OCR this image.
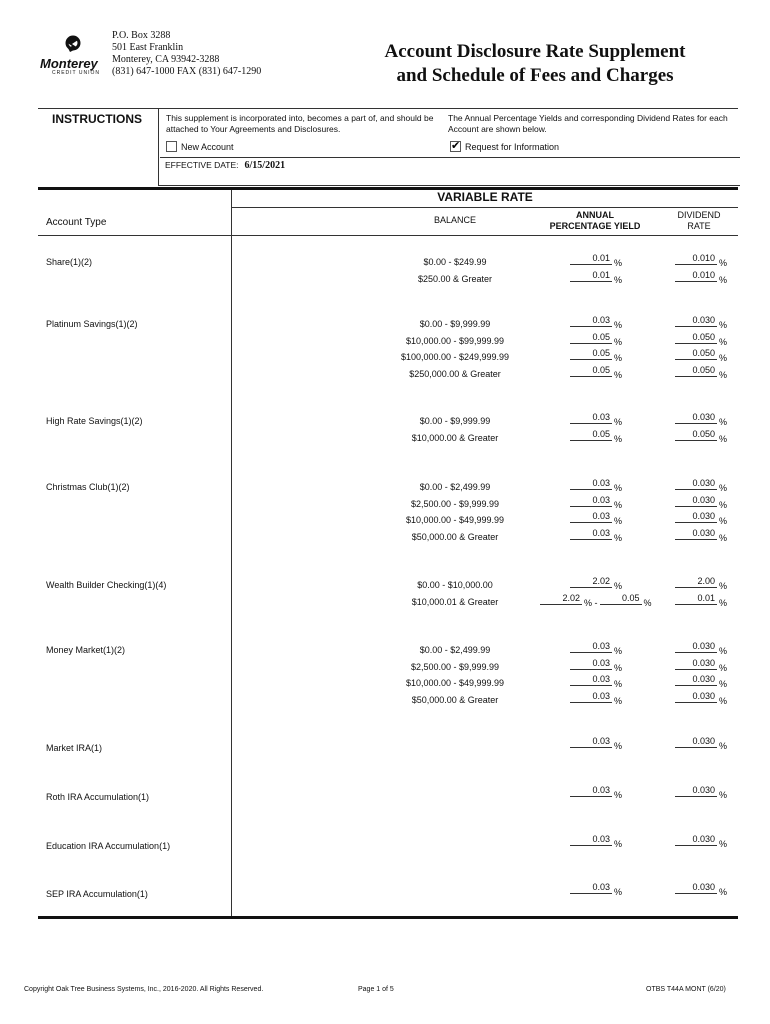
Monterey
CREDIT UNION
P.O. Box 3288
501 East Franklin
Monterey, CA 93942-3288
(831) 647-1000 FAX (831) 647-1290
Account Disclosure Rate Supplement
and Schedule of Fees and Charges
INSTRUCTIONS	This supplement is incorporated into, becomes a part of, and should be attached to Your Agreements and Disclosures.
The Annual Percentage Yields and corresponding Dividend Rates for each Account are shown below.
New Account
✔	Request for Information
EFFECTIVE DATE: 6/15/2021
VARIABLE RATE
Account Type	BALANCE	ANNUAL
PERCENTAGE YIELD
DIVIDEND
RATE
Share(1)(2)	$0.00 - $249.99	0.01 %	0.010 %
$250.00 & Greater	0.01 %	0.010 %
Platinum Savings(1)(2)	$0.00 - $9,999.99	0.03 %	0.030 %
$10,000.00 - $99,999.99	0.05 %	0.050 %
$100,000.00 - $249,999.99	0.05 %	0.050 %
$250,000.00 & Greater	0.05 %	0.050 %
High Rate Savings(1)(2)	$0.00 - $9,999.99	0.03 %	0.030 %
$10,000.00 & Greater	0.05 %	0.050 %
Christmas Club(1)(2)	$0.00 - $2,499.99	0.03 %	0.030 %
$2,500.00 - $9,999.99	0.03 %	0.030 %
$10,000.00 - $49,999.99	0.03 %	0.030 %
$50,000.00 & Greater	0.03 %	0.030 %
Wealth Builder Checking(1)(4)	$0.00 - $10,000.00	2.02 %	2.00 %
$10,000.01 & Greater	2.02 % -	0.05 %	0.01 %
Money Market(1)(2)	$0.00 - $2,499.99	0.03 %	0.030 %
$2,500.00 - $9,999.99	0.03 %	0.030 %
$10,000.00 - $49,999.99	0.03 %	0.030 %
$50,000.00 & Greater	0.03 %	0.030 %
Market IRA(1)
0.03 %	0.030 %
Roth IRA Accumulation(1)
0.03 %	0.030 %
Education IRA Accumulation(1)
0.03 %	0.030 %
SEP IRA Accumulation(1)
0.03 %	0.030 %
Copyright Oak Tree Business Systems, Inc., 2016-2020. All Rights Reserved.	Page 1 of 5	OTBS T44A MONT (6/20)
